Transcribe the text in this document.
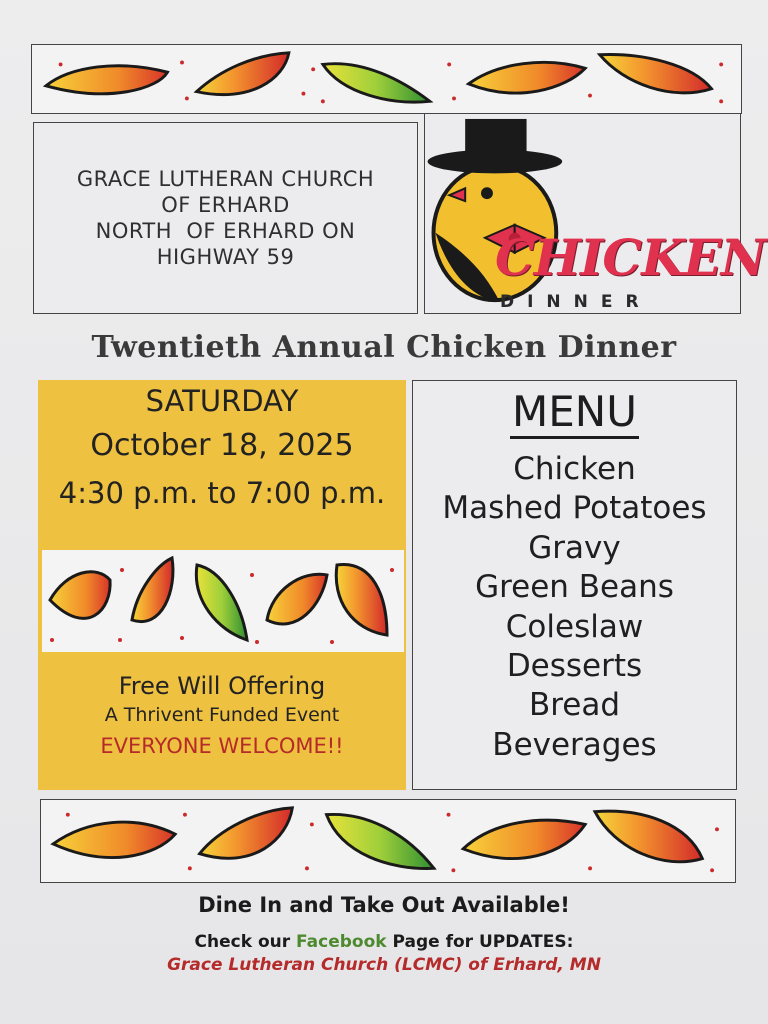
GRACE LUTHERAN CHURCH
OF ERHARD
NORTH  OF ERHARD ON
HIGHWAY 59	CHICKEN
DINNER
Twentieth Annual Chicken Dinner
SATURDAY
October 18, 2025
4:30 p.m. to 7:00 p.m.
Free Will Offering
A Thrivent Funded Event
EVERYONE WELCOME!!
MENU
Chicken
Mashed Potatoes
Gravy
Green Beans
Coleslaw
Desserts
Bread
Beverages
Dine In and Take Out Available!
Check our Facebook Page for UPDATES:
Grace Lutheran Church (LCMC) of Erhard, MN
